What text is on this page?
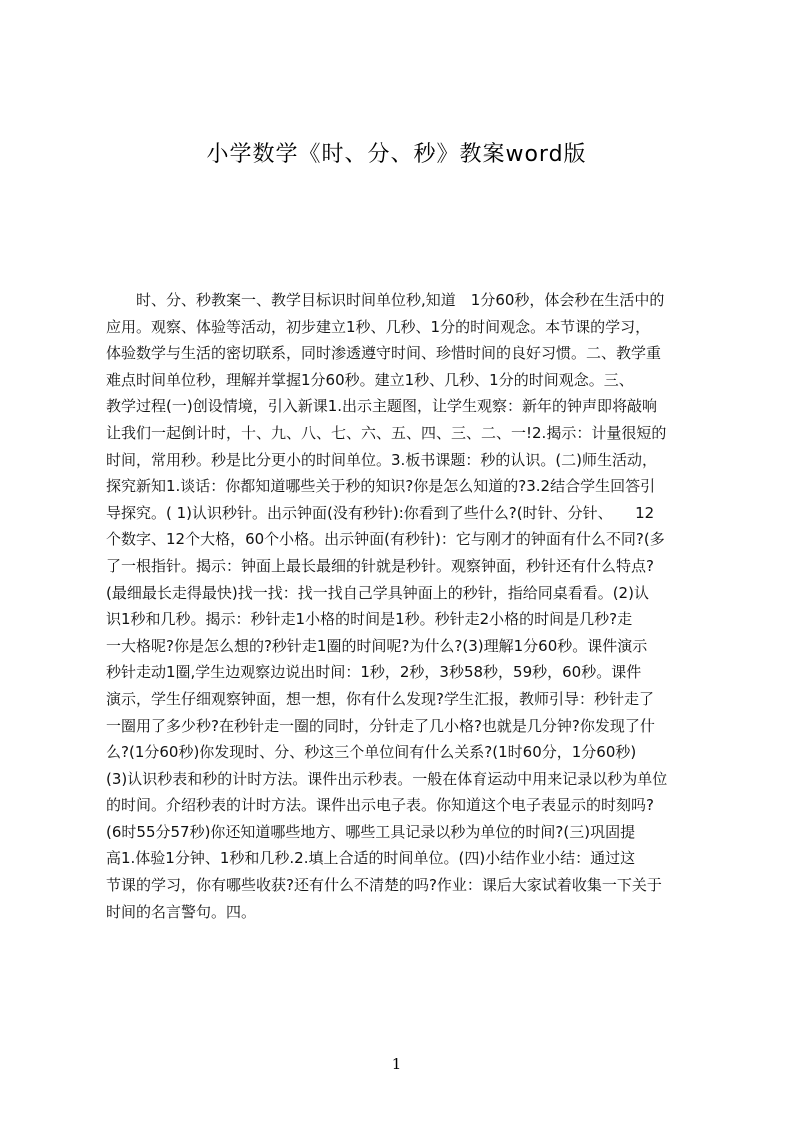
小学数学《时、分、秒》教案word版
时、分、秒教案一、教学目标识时间单位秒,知道　1分60秒，体会秒在生活中的
应用。观察、体验等活动，初步建立1秒、几秒、1分的时间观念。本节课的学习，
体验数学与生活的密切联系，同时渗透遵守时间、珍惜时间的良好习惯。二、教学重
难点时间单位秒，理解并掌握1分60秒。建立1秒、几秒、1分的时间观念。三、
教学过程(一)创设情境，引入新课1.出示主题图，让学生观察：新年的钟声即将敲响
让我们一起倒计时，十、九、八、七、六、五、四、三、二、一!2.揭示：计量很短的
时间，常用秒。秒是比分更小的时间单位。3.板书课题：秒的认识。(二)师生活动，
探究新知1.谈话：你都知道哪些关于秒的知识?你是怎么知道的?3.2结合学生回答引
导探究。( 1)认识秒针。出示钟面(没有秒针):你看到了些什么?(时针、分针、　　12
个数字、12个大格，60个小格。出示钟面(有秒针)：它与刚才的钟面有什么不同?(多
了一根指针。揭示：钟面上最长最细的针就是秒针。观察钟面，秒针还有什么特点?
(最细最长走得最快)找一找：找一找自己学具钟面上的秒针，指给同桌看看。(2)认
识1秒和几秒。揭示：秒针走1小格的时间是1秒。秒针走2小格的时间是几秒?走
一大格呢?你是怎么想的?秒针走1圈的时间呢?为什么?(3)理解1分60秒。课件演示
秒针走动1圈,学生边观察边说出时间：1秒，2秒，3秒58秒，59秒，60秒。课件
演示，学生仔细观察钟面，想一想，你有什么发现?学生汇报，教师引导：秒针走了
一圈用了多少秒?在秒针走一圈的同时，分针走了几小格?也就是几分钟?你发现了什
么?(1分60秒)你发现时、分、秒这三个单位间有什么关系?(1时60分，1分60秒)
(3)认识秒表和秒的计时方法。课件出示秒表。一般在体育运动中用来记录以秒为单位
的时间。介绍秒表的计时方法。课件出示电子表。你知道这个电子表显示的时刻吗?
(6时55分57秒)你还知道哪些地方、哪些工具记录以秒为单位的时间?(三)巩固提
高1.体验1分钟、1秒和几秒.2.填上合适的时间单位。(四)小结作业小结：通过这
节课的学习，你有哪些收获?还有什么不清楚的吗?作业：课后大家试着收集一下关于
时间的名言警句。四。
1
